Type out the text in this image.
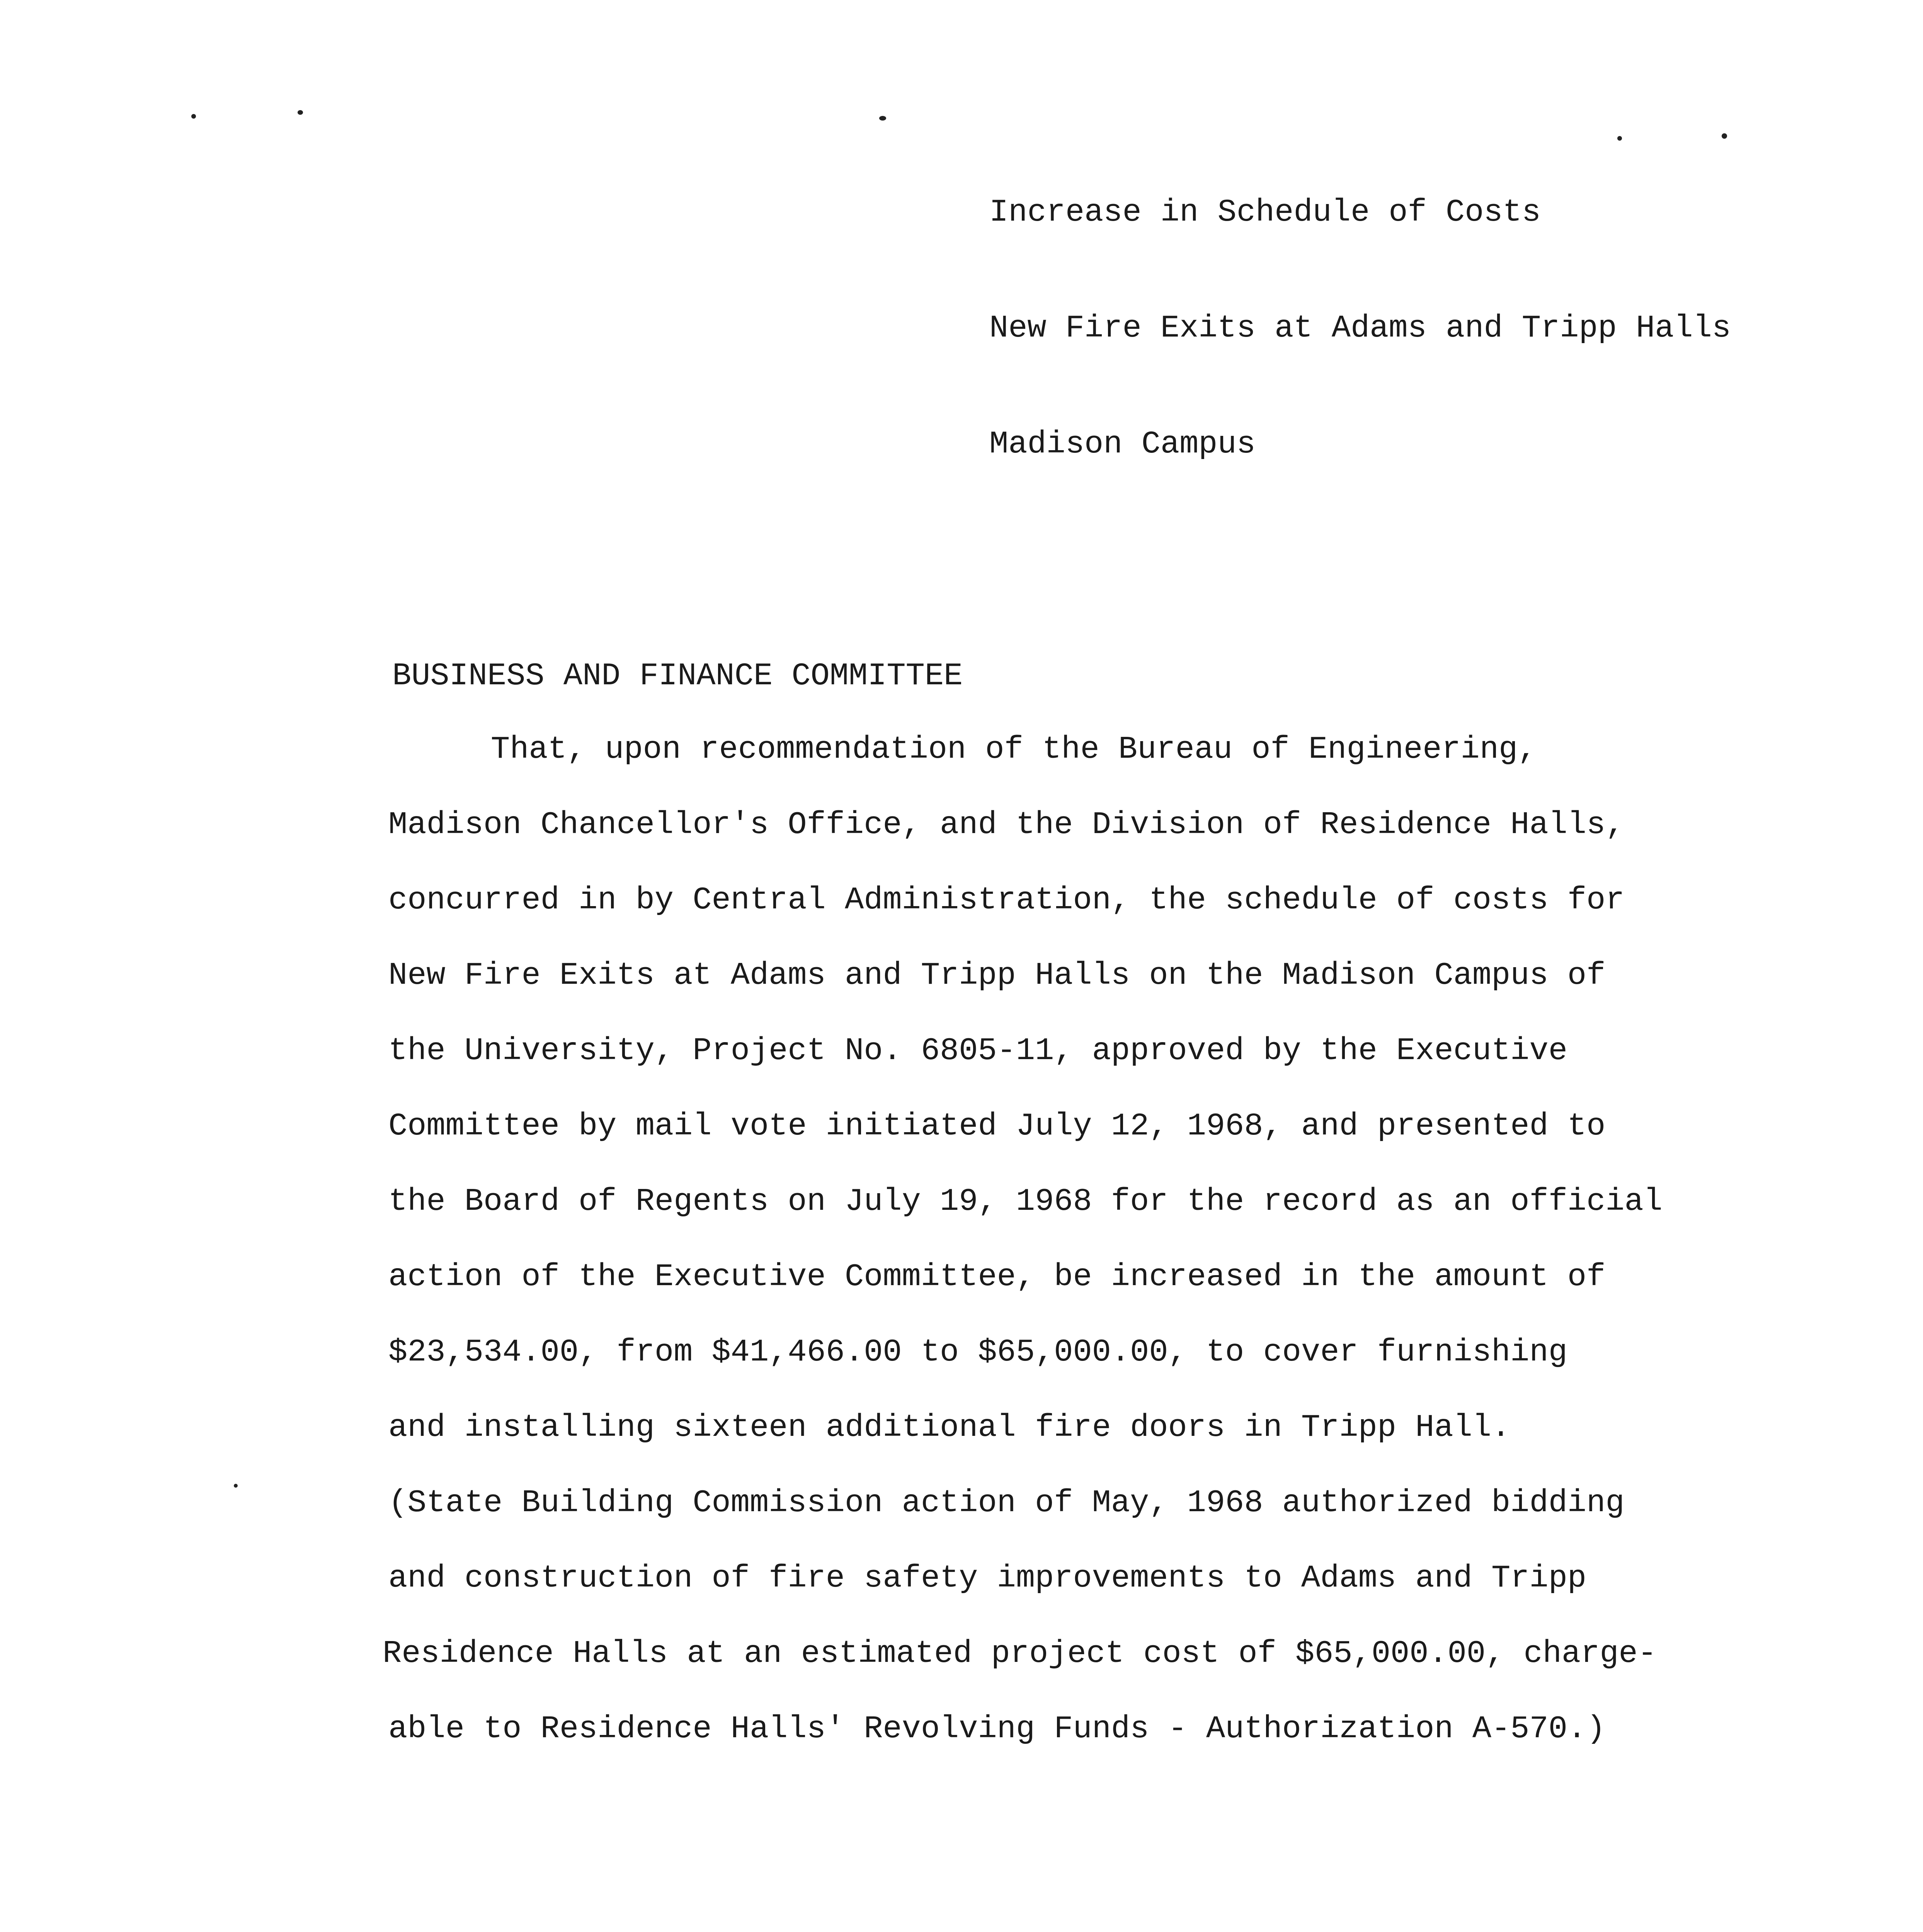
Increase in Schedule of Costs

New Fire Exits at Adams and Tripp Halls

Madison Campus

BUSINESS AND FINANCE COMMITTEE
That, upon recommendation of the Bureau of Engineering,
Madison Chancellor's Office, and the Division of Residence Halls,
concurred in by Central Administration, the schedule of costs for
New Fire Exits at Adams and Tripp Halls on the Madison Campus of
the University, Project No. 6805-11, approved by the Executive
Committee by mail vote initiated July 12, 1968, and presented to
the Board of Regents on July 19, 1968 for the record as an official
action of the Executive Committee, be increased in the amount of
$23,534.00, from $41,466.00 to $65,000.00, to cover furnishing
and installing sixteen additional fire doors in Tripp Hall.
(State Building Commission action of May, 1968 authorized bidding
and construction of fire safety improvements to Adams and Tripp
Residence Halls at an estimated project cost of $65,000.00, charge-
able to Residence Halls' Revolving Funds - Authorization A-570.)
